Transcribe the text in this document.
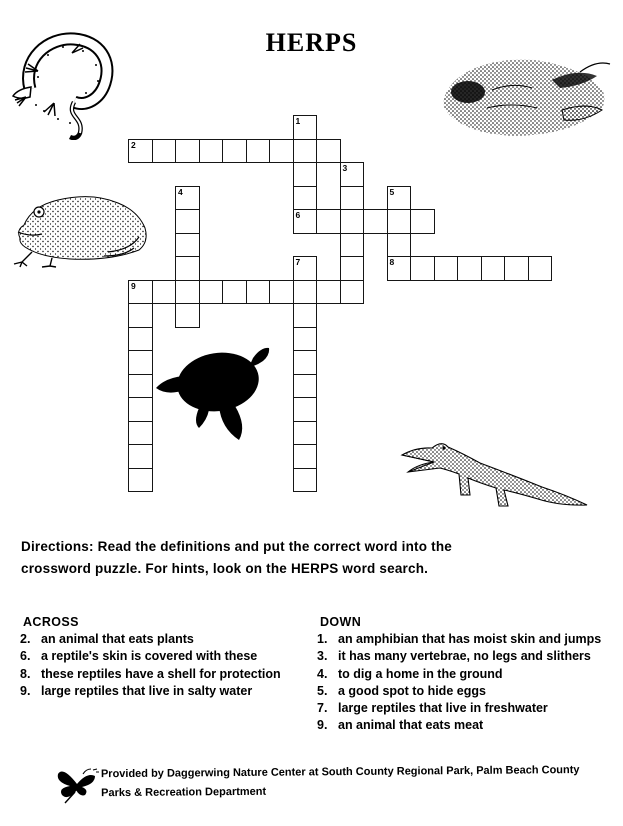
HERPS
1
2
3
4	5
8
6
7
9
Directions: Read the definitions and put the correct word into the crossword puzzle. For hints, look on the HERPS word search.
ACROSS
2. an animal that eats plants
6. a reptile's skin is covered with these
8. these reptiles have a shell for protection
9. large reptiles that live in salty water
DOWN
1. an amphibian that has moist skin and jumps
3. it has many vertebrae, no legs and slithers
4. to dig a home in the ground
5. a good spot to hide eggs
7. large reptiles that live in freshwater
9. an animal that eats meat
Provided by Daggerwing Nature Center at South County Regional Park, Palm Beach County
Parks & Recreation Department
